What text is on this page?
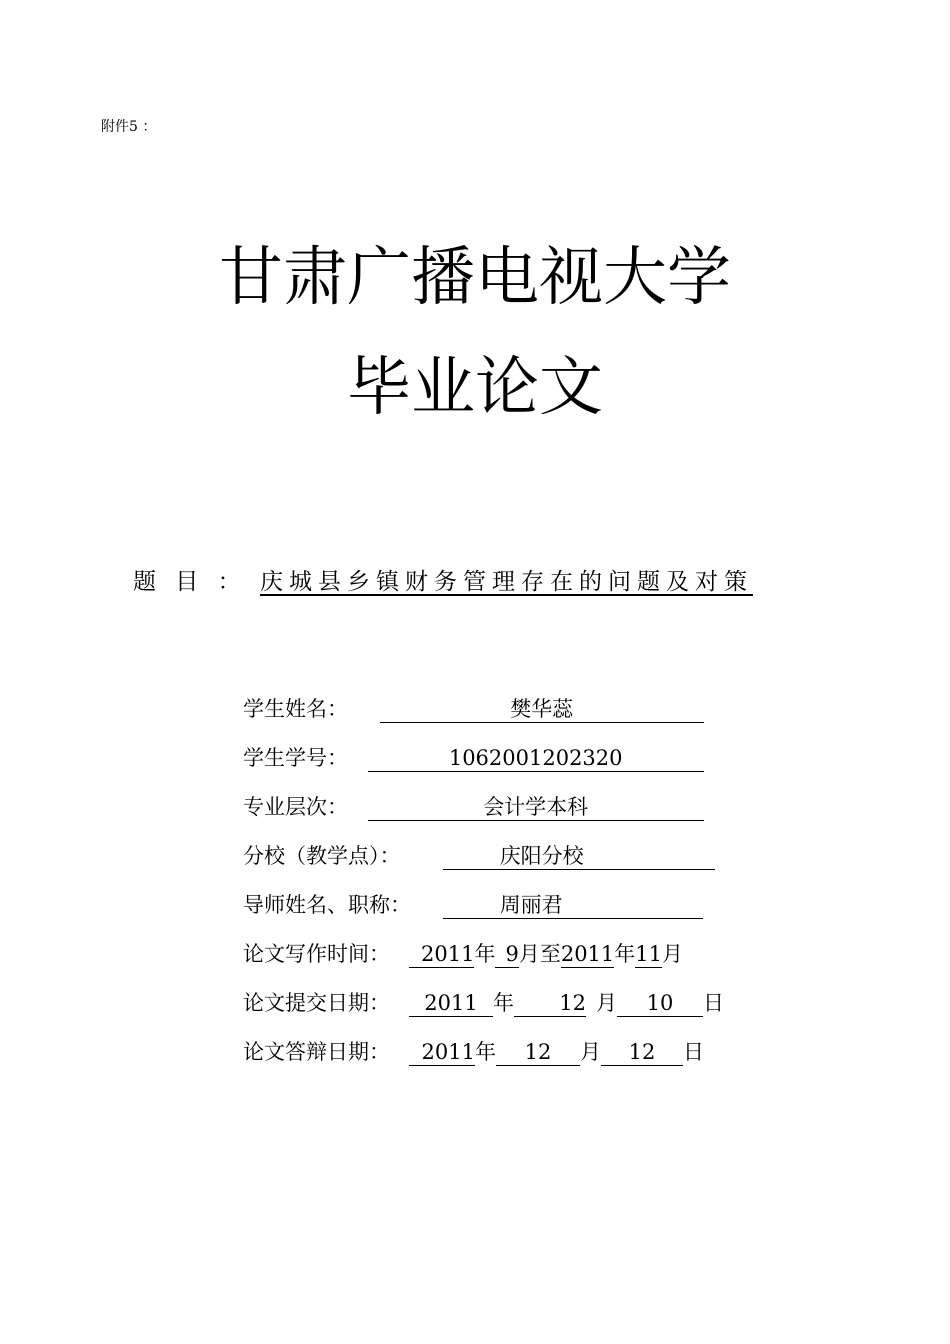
附件5 ：
甘肃广播电视大学
毕业论文
题 目 ： 庆城县乡镇财务管理存在的问题及对策
学生姓名：	樊华蕊
学生学号：	1062001202320
专业层次：	会计学本科
分校（教学点）：	庆阳分校
导师姓名、职称：	周丽君
论文写作时间： 2011年 9月至2011年11月
论文提交日期： 2011 年 12 月 10 日
论文答辩日期： 2011年 12 月 12 日
